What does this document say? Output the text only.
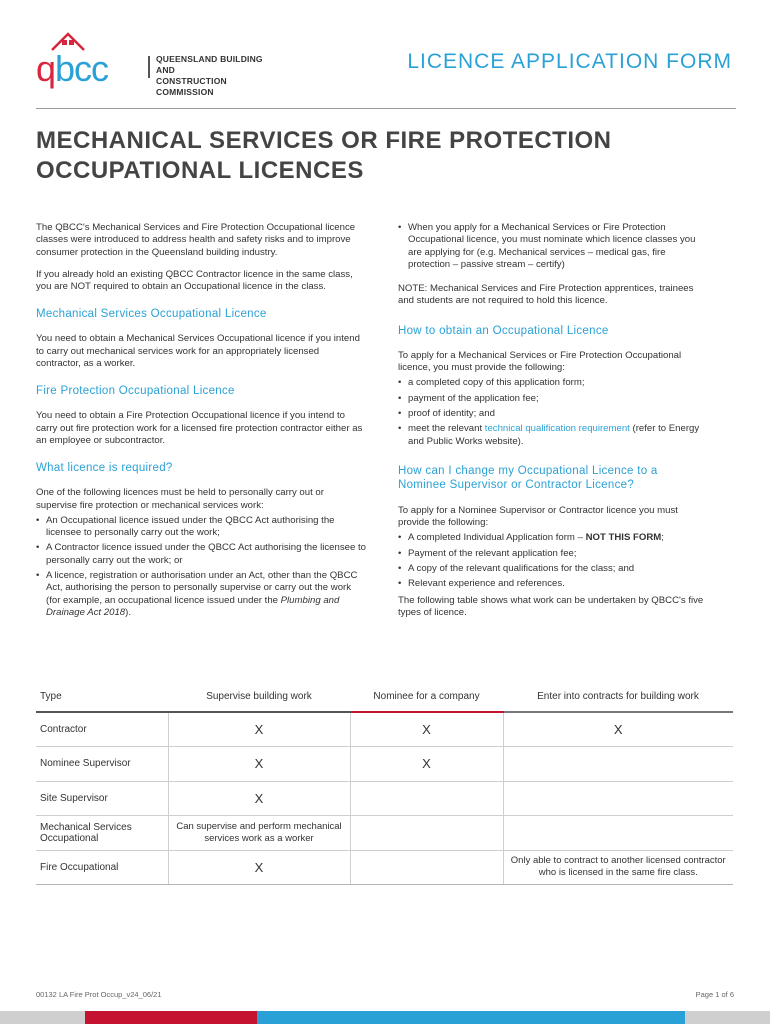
qbcc	QUEENSLAND BUILDING AND
CONSTRUCTION COMMISSION
LICENCE APPLICATION FORM
MECHANICAL SERVICES OR FIRE PROTECTION
OCCUPATIONAL LICENCES

The QBCC's Mechanical Services and Fire Protection Occupational licence classes were introduced to address health and safety risks and to improve consumer protection in the Queensland building industry.

If you already hold an existing QBCC Contractor licence in the same class, you are NOT required to obtain an Occupational licence in the class.

Mechanical Services Occupational Licence

You need to obtain a Mechanical Services Occupational licence if you intend to carry out mechanical services work for an appropriately licensed contractor, as a worker.

Fire Protection Occupational Licence

You need to obtain a Fire Protection Occupational licence if you intend to carry out fire protection work for a licensed fire protection contractor either as an employee or subcontractor.

What licence is required?

One of the following licences must be held to personally carry out or supervise fire protection or mechanical services work:

• An Occupational licence issued under the QBCC Act authorising the licensee to personally carry out the work;
• A Contractor licence issued under the QBCC Act authorising the licensee to personally carry out the work; or
• A licence, registration or authorisation under an Act, other than the QBCC Act, authorising the person to personally supervise or carry out the work (for example, an occupational licence issued under the Plumbing and Drainage Act 2018).
• When you apply for a Mechanical Services or Fire Protection Occupational licence, you must nominate which licence classes you are applying for (e.g. Mechanical services – medical gas, fire protection – passive stream – certify)

NOTE: Mechanical Services and Fire Protection apprentices, trainees and students are not required to hold this licence.

How to obtain an Occupational Licence

To apply for a Mechanical Services or Fire Protection Occupational licence, you must provide the following:

• a completed copy of this application form;
• payment of the application fee;
• proof of identity; and
• meet the relevant technical qualification requirement (refer to Energy and Public Works website).
How can I change my Occupational Licence to a Nominee Supervisor or Contractor Licence?

To apply for a Nominee Supervisor or Contractor licence you must provide the following:

• A completed Individual Application form – NOT THIS FORM;
• Payment of the relevant application fee;
• A copy of the relevant qualifications for the class; and
• Relevant experience and references.

The following table shows what work can be undertaken by QBCC's five types of licence.

Type	Supervise building work	Nominee for a company	Enter into contracts for building work
Contractor	X	X	X
Nominee Supervisor	X	X	
Site Supervisor	X		
Mechanical Services Occupational	Can supervise and perform mechanical services work as a worker		
Fire Occupational	X		Only able to contract to another licensed contractor who is licensed in the same fire class.
00132 LA Fire Prot Occup_v24_06/21	Page 1 of 6
